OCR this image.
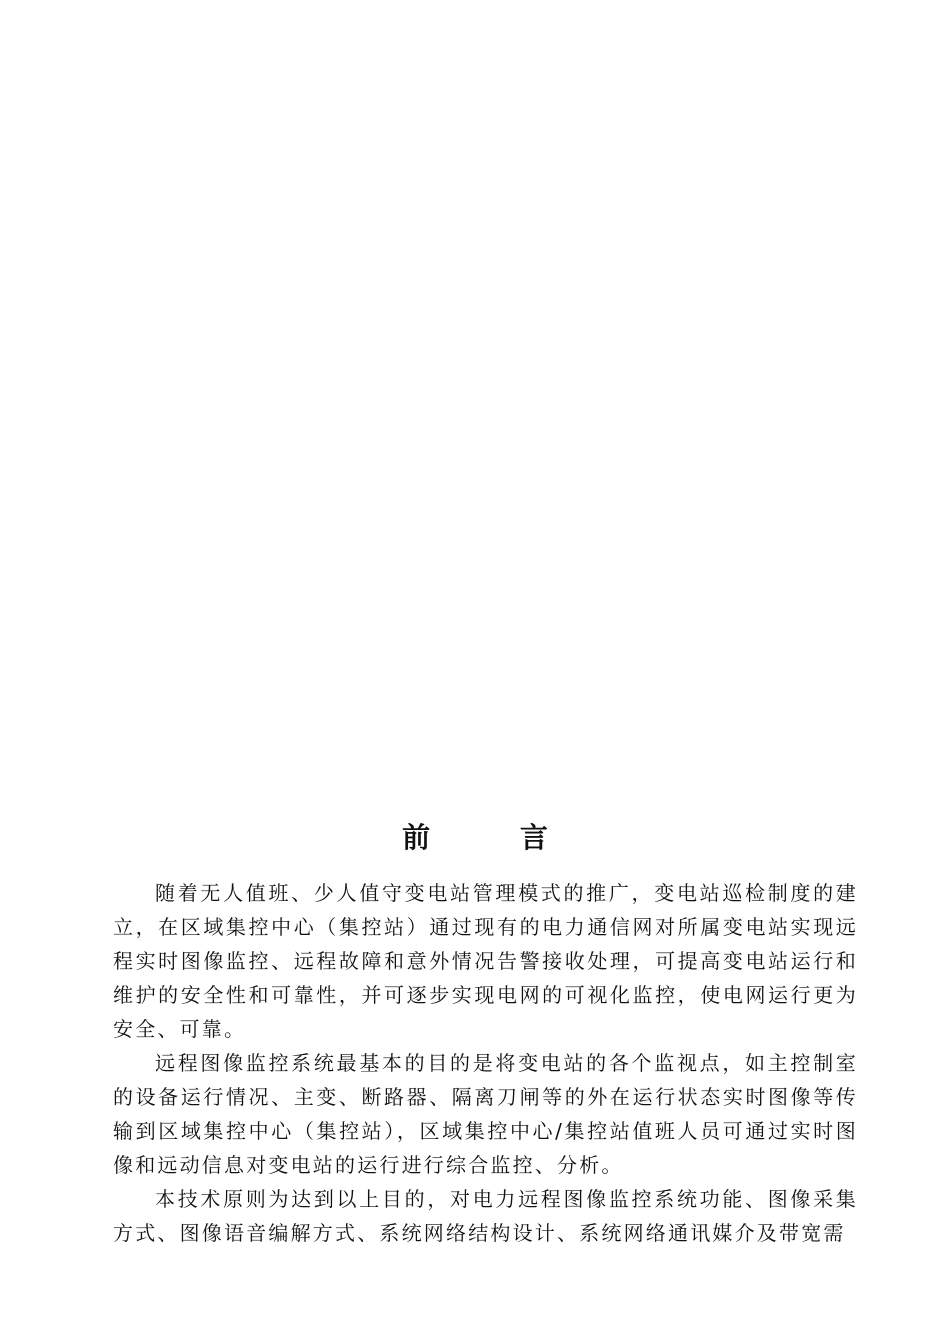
前 言

随着无人值班、少人值守变电站管理模式的推广，变电站巡检制度的建立，在区域集控中心（集控站）通过现有的电力通信网对所属变电站实现远程实时图像监控、远程故障和意外情况告警接收处理，可提高变电站运行和维护的安全性和可靠性，并可逐步实现电网的可视化监控，使电网运行更为安全、可靠。

远程图像监控系统最基本的目的是将变电站的各个监视点，如主控制室的设备运行情况、主变、断路器、隔离刀闸等的外在运行状态实时图像等传输到区域集控中心（集控站），区域集控中心/集控站值班人员可通过实时图像和远动信息对变电站的运行进行综合监控、分析。

本技术原则为达到以上目的，对电力远程图像监控系统功能、图像采集方式、图像语音编解方式、系统网络结构设计、系统网络通讯媒介及带宽需
